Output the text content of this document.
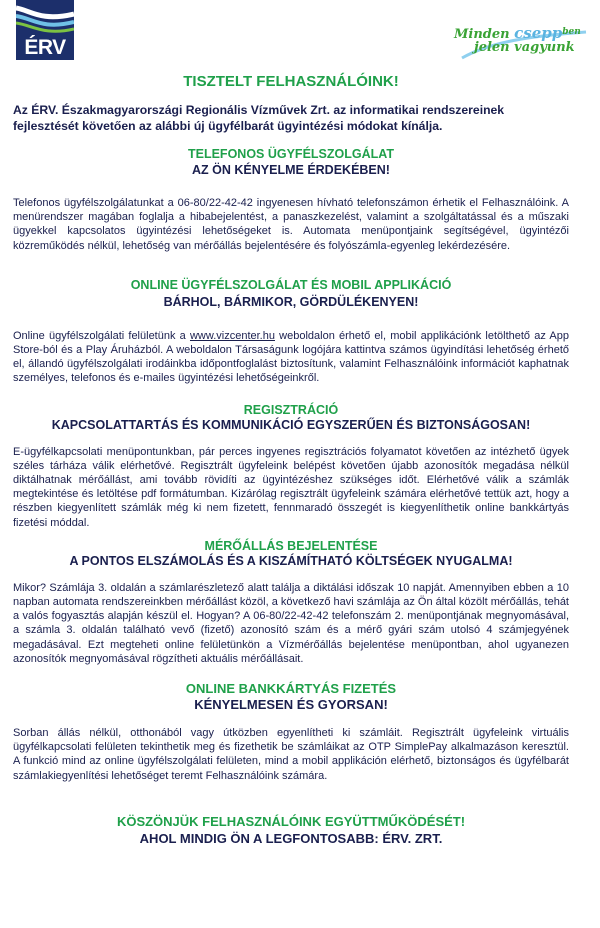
ÉRV
Minden csepp$^{ben}$
jelen vagyunk
TISZTELT FELHASZNÁLÓINK!

Az ÉRV. Északmagyarországi Regionális Vízművek Zrt. az informatikai rendszereinek fejlesztését követően az alábbi új ügyfélbarát ügyintézési módokat kínálja.

TELEFONOS ÜGYFÉLSZOLGÁLAT
AZ ÖN KÉNYELME ÉRDEKÉBEN!

Telefonos ügyfélszolgálatunkat a 06-80/22-42-42 ingyenesen hívható telefonszámon érhetik el Felhasználóink. A menürendszer magában foglalja a hibabejelentést, a panaszkezelést, valamint a szolgáltatással és a műszaki ügyekkel kapcsolatos ügyintézési lehetőségeket is. Automata menüpontjaink segítségével, ügyintézői közreműködés nélkül, lehetőség van mérőállás bejelentésére és folyószámla-egyenleg lekérdezésére.

ONLINE ÜGYFÉLSZOLGÁLAT ÉS MOBIL APPLIKÁCIÓ
BÁRHOL, BÁRMIKOR, GÖRDÜLÉKENYEN!

Online ügyfélszolgálati felületünk a www.vizcenter.hu weboldalon érhető el, mobil applikációnk letölthető az App Store-ból és a Play Áruházból. A weboldalon Társaságunk logójára kattintva számos ügyindítási lehetőség érhető el, állandó ügyfélszolgálati irodáinkba időpontfoglalást biztosítunk, valamint Felhasználóink információt kaphatnak személyes, telefonos és e-mailes ügyintézési lehetőségeinkről.

REGISZTRÁCIÓ
KAPCSOLATTARTÁS ÉS KOMMUNIKÁCIÓ EGYSZERŰEN ÉS BIZTONSÁGOSAN!

E-ügyfélkapcsolati menüpontunkban, pár perces ingyenes regisztrációs folyamatot követően az intézhető ügyek széles tárháza válik elérhetővé. Regisztrált ügyfeleink belépést követően újabb azonosítók megadása nélkül diktálhatnak mérőállást, ami tovább rövidíti az ügyintézéshez szükséges időt. Elérhetővé válik a számlák megtekintése és letöltése pdf formátumban. Kizárólag regisztrált ügyfeleink számára elérhetővé tettük azt, hogy a részben kiegyenlített számlák még ki nem fizetett, fennmaradó összegét is kiegyenlíthetik online bankkártyás fizetési móddal.

MÉRŐÁLLÁS BEJELENTÉSE
A PONTOS ELSZÁMOLÁS ÉS A KISZÁMÍTHATÓ KÖLTSÉGEK NYUGALMA!

Mikor? Számlája 3. oldalán a számlarészletező alatt találja a diktálási időszak 10 napját. Amennyiben ebben a 10 napban automata rendszereinkben mérőállást közöl, a következő havi számlája az Ön által közölt mérőállás, tehát a valós fogyasztás alapján készül el. Hogyan? A 06-80/22-42-42 telefonszám 2. menüpontjának megnyomásával, a számla 3. oldalán található vevő (fizető) azonosító szám és a mérő gyári szám utolsó 4 számjegyének megadásával. Ezt megteheti online felületünkön a Vízmérőállás bejelentése menüpontban, ahol ugyanezen azonosítók megnyomásával rögzítheti aktuális mérőállásait.

ONLINE BANKKÁRTYÁS FIZETÉS
KÉNYELMESEN ÉS GYORSAN!

Sorban állás nélkül, otthonából vagy útközben egyenlítheti ki számláit. Regisztrált ügyfeleink virtuális ügyfélkapcsolati felületen tekinthetik meg és fizethetik be számláikat az OTP SimplePay alkalmazáson keresztül. A funkció mind az online ügyfélszolgálati felületen, mind a mobil applikáción elérhető, biztonságos és ügyfélbarát számlakiegyenlítési lehetőséget teremt Felhasználóink számára.

KÖSZÖNJÜK FELHASZNÁLÓINK EGYÜTTMŰKÖDÉSÉT!
AHOL MINDIG ÖN A LEGFONTOSABB: ÉRV. ZRT.
